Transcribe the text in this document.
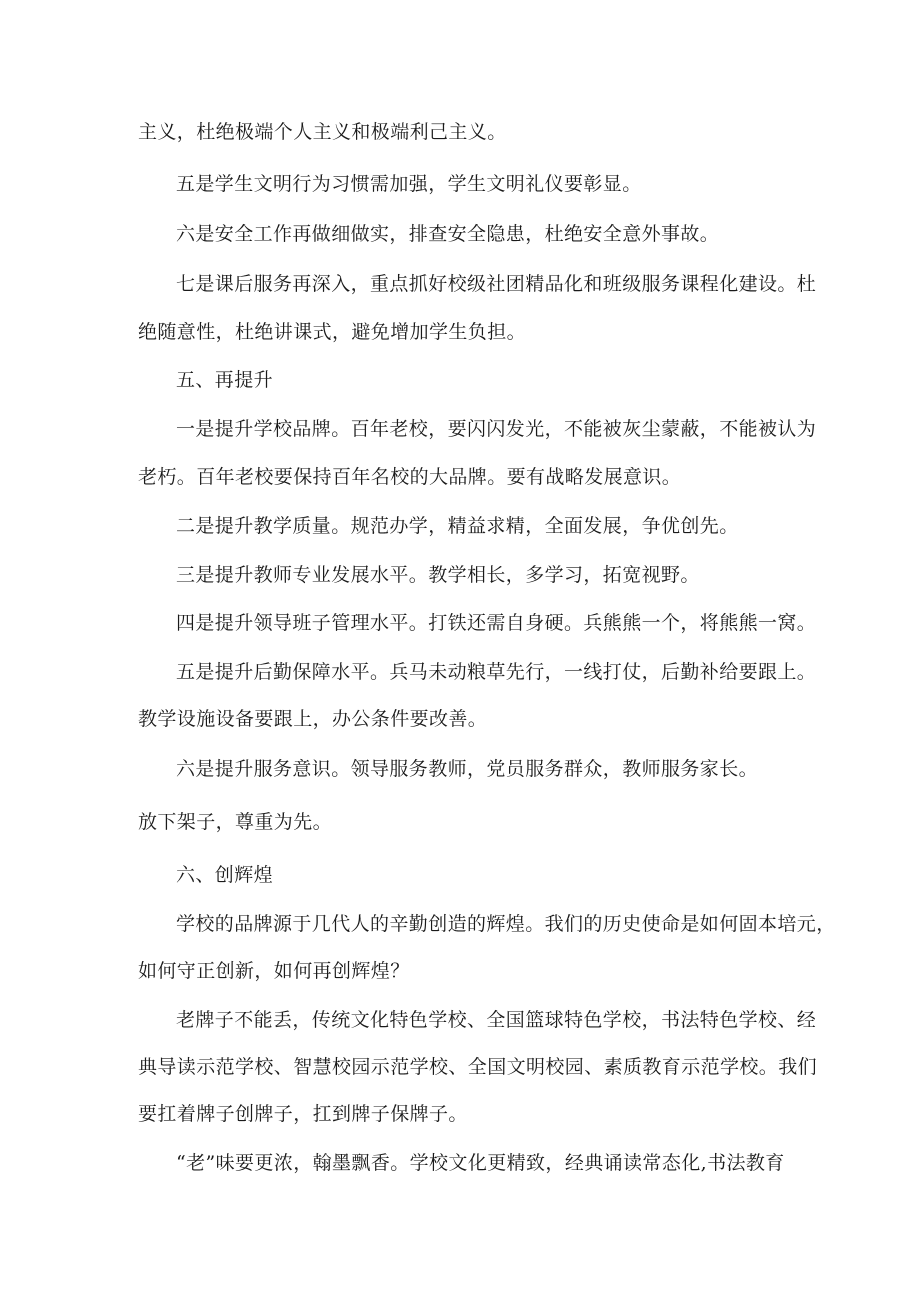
主义，杜绝极端个人主义和极端利己主义。
五是学生文明行为习惯需加强，学生文明礼仪要彰显。
六是安全工作再做细做实，排查安全隐患，杜绝安全意外事故。
七是课后服务再深入，重点抓好校级社团精品化和班级服务课程化建设。杜
绝随意性，杜绝讲课式，避免增加学生负担。
五、再提升
一是提升学校品牌。百年老校，要闪闪发光，不能被灰尘蒙蔽，不能被认为
老朽。百年老校要保持百年名校的大品牌。要有战略发展意识。
二是提升教学质量。规范办学，精益求精，全面发展，争优创先。
三是提升教师专业发展水平。教学相长，多学习，拓宽视野。
四是提升领导班子管理水平。打铁还需自身硬。兵熊熊一个，将熊熊一窝。
五是提升后勤保障水平。兵马未动粮草先行，一线打仗，后勤补给要跟上。
教学设施设备要跟上，办公条件要改善。
六是提升服务意识。领导服务教师，党员服务群众，教师服务家长。
放下架子，尊重为先。
六、创辉煌
学校的品牌源于几代人的辛勤创造的辉煌。我们的历史使命是如何固本培元，
如何守正创新，如何再创辉煌？
老牌子不能丢，传统文化特色学校、全国篮球特色学校，书法特色学校、经
典导读示范学校、智慧校园示范学校、全国文明校园、素质教育示范学校。我们
要扛着牌子创牌子，扛到牌子保牌子。
“老”味要更浓，翰墨飘香。学校文化更精致，经典诵读常态化,书法教育
